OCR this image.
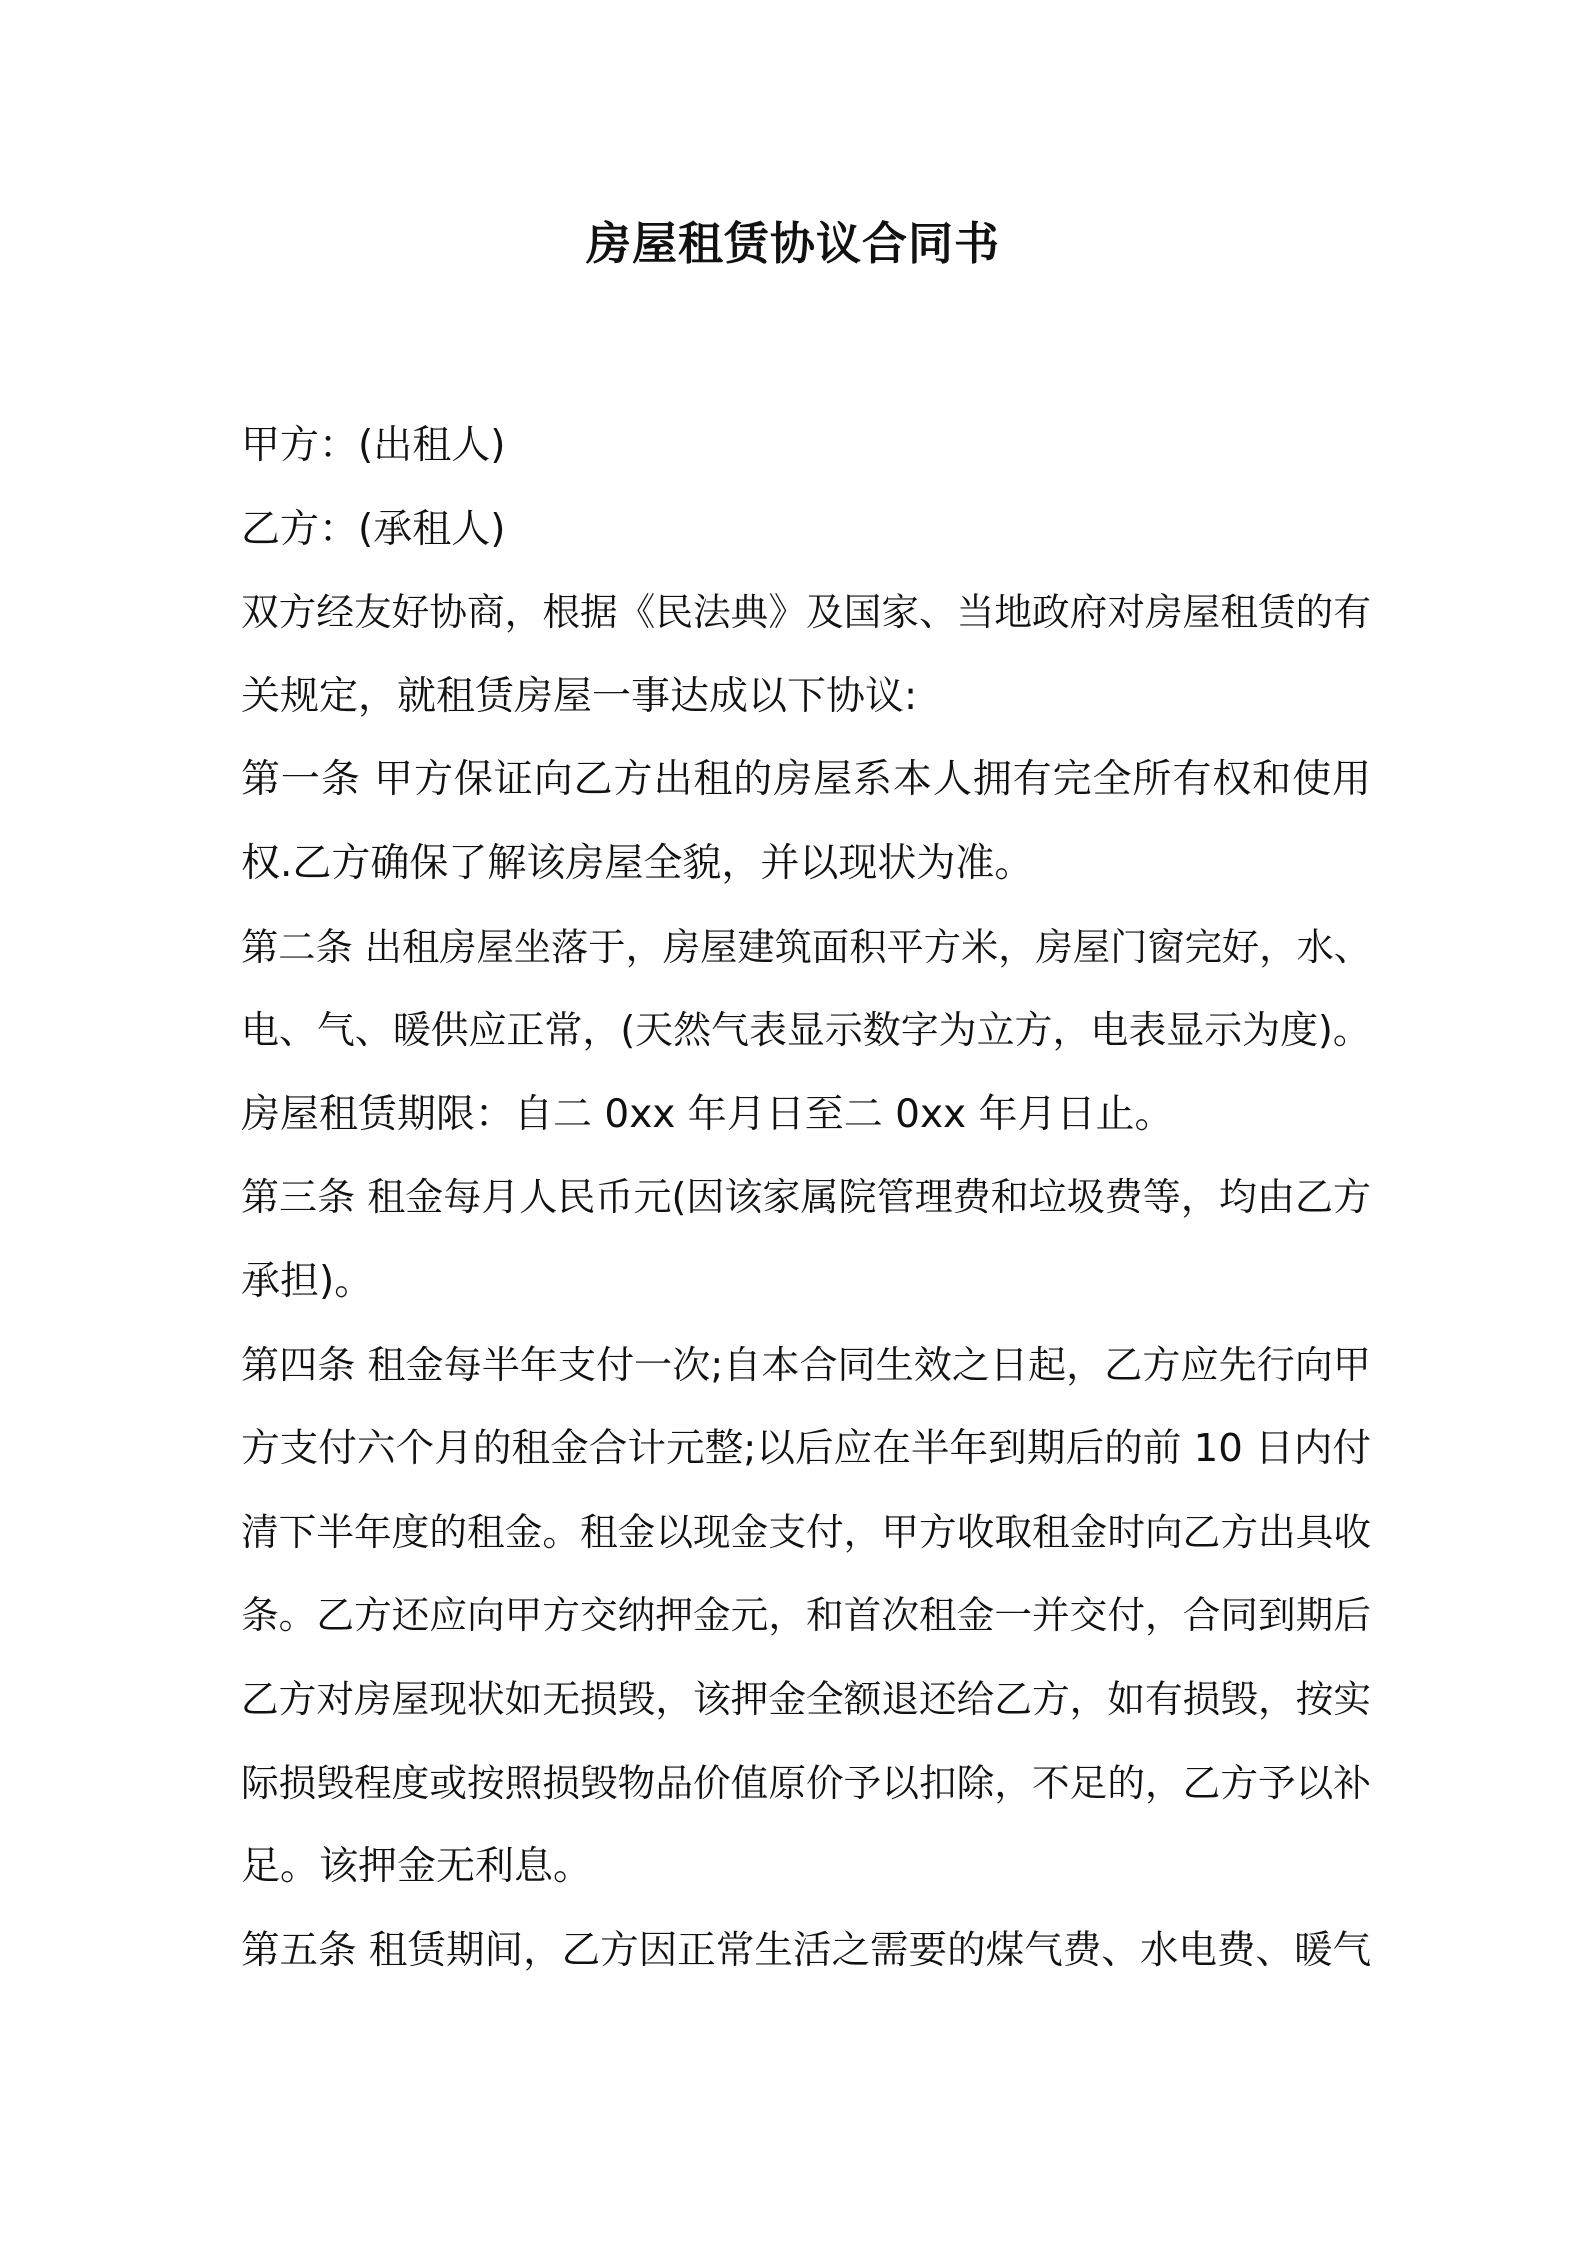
房屋租赁协议合同书
甲方：(出租人)
乙方：(承租人)
双方经友好协商，根据《民法典》及国家、当地政府对房屋租赁的有
关规定，就租赁房屋一事达成以下协议:
第一条 甲方保证向乙方出租的房屋系本人拥有完全所有权和使用
权.乙方确保了解该房屋全貌，并以现状为准。
第二条 出租房屋坐落于，房屋建筑面积平方米，房屋门窗完好，水、
电、气、暖供应正常，(天然气表显示数字为立方，电表显示为度)。
房屋租赁期限：自二 0xx 年月日至二 0xx 年月日止。
第三条 租金每月人民币元(因该家属院管理费和垃圾费等，均由乙方
承担)。
第四条 租金每半年支付一次;自本合同生效之日起，乙方应先行向甲
方支付六个月的租金合计元整;以后应在半年到期后的前 10 日内付
清下半年度的租金。租金以现金支付，甲方收取租金时向乙方出具收
条。乙方还应向甲方交纳押金元，和首次租金一并交付，合同到期后
乙方对房屋现状如无损毁，该押金全额退还给乙方，如有损毁，按实
际损毁程度或按照损毁物品价值原价予以扣除，不足的，乙方予以补
足。该押金无利息。
第五条 租赁期间，乙方因正常生活之需要的煤气费、水电费、暖气
